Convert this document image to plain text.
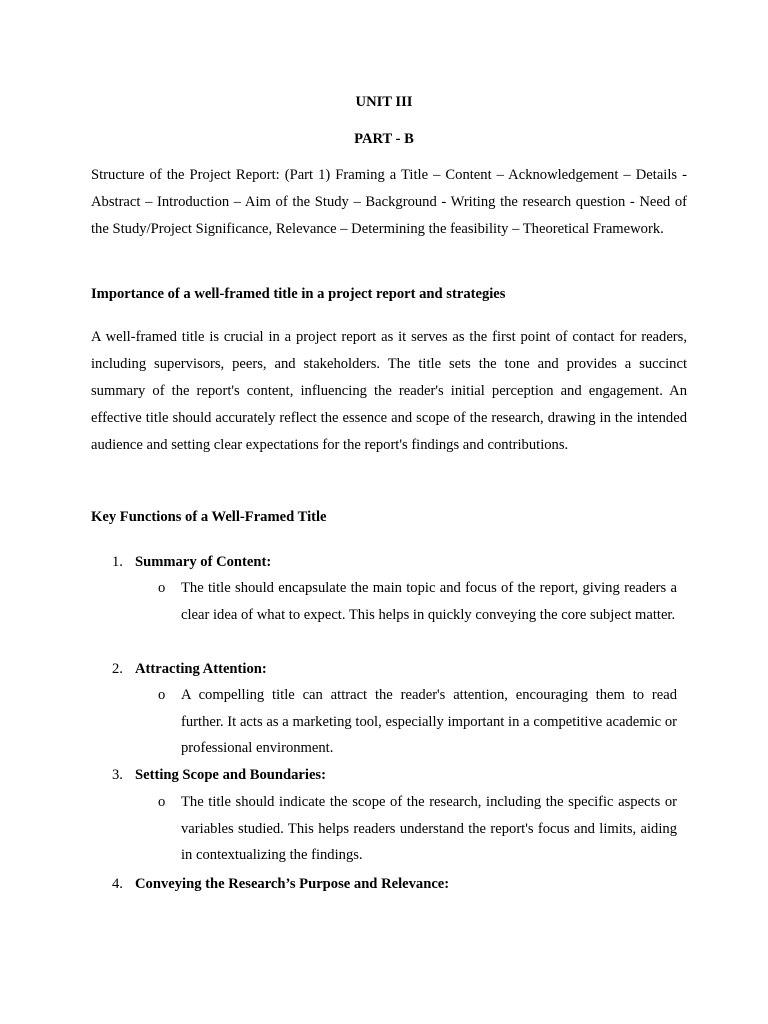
UNIT III
PART - B
Structure of the Project Report: (Part 1) Framing a Title – Content – Acknowledgement – Details -Abstract – Introduction – Aim of the Study – Background - Writing the research question - Need of the Study/Project Significance, Relevance – Determining the feasibility – Theoretical Framework.
Importance of a well-framed title in a project report and strategies
A well-framed title is crucial in a project report as it serves as the first point of contact for readers, including supervisors, peers, and stakeholders. The title sets the tone and provides a succinct summary of the report's content, influencing the reader's initial perception and engagement. An effective title should accurately reflect the essence and scope of the research, drawing in the intended audience and setting clear expectations for the report's findings and contributions.
Key Functions of a Well-Framed Title
1. Summary of Content:
o The title should encapsulate the main topic and focus of the report, giving readers a clear idea of what to expect. This helps in quickly conveying the core subject matter.
2. Attracting Attention:
o A compelling title can attract the reader's attention, encouraging them to read further. It acts as a marketing tool, especially important in a competitive academic or professional environment.
3. Setting Scope and Boundaries:
o The title should indicate the scope of the research, including the specific aspects or variables studied. This helps readers understand the report's focus and limits, aiding in contextualizing the findings.
4. Conveying the Research’s Purpose and Relevance:
